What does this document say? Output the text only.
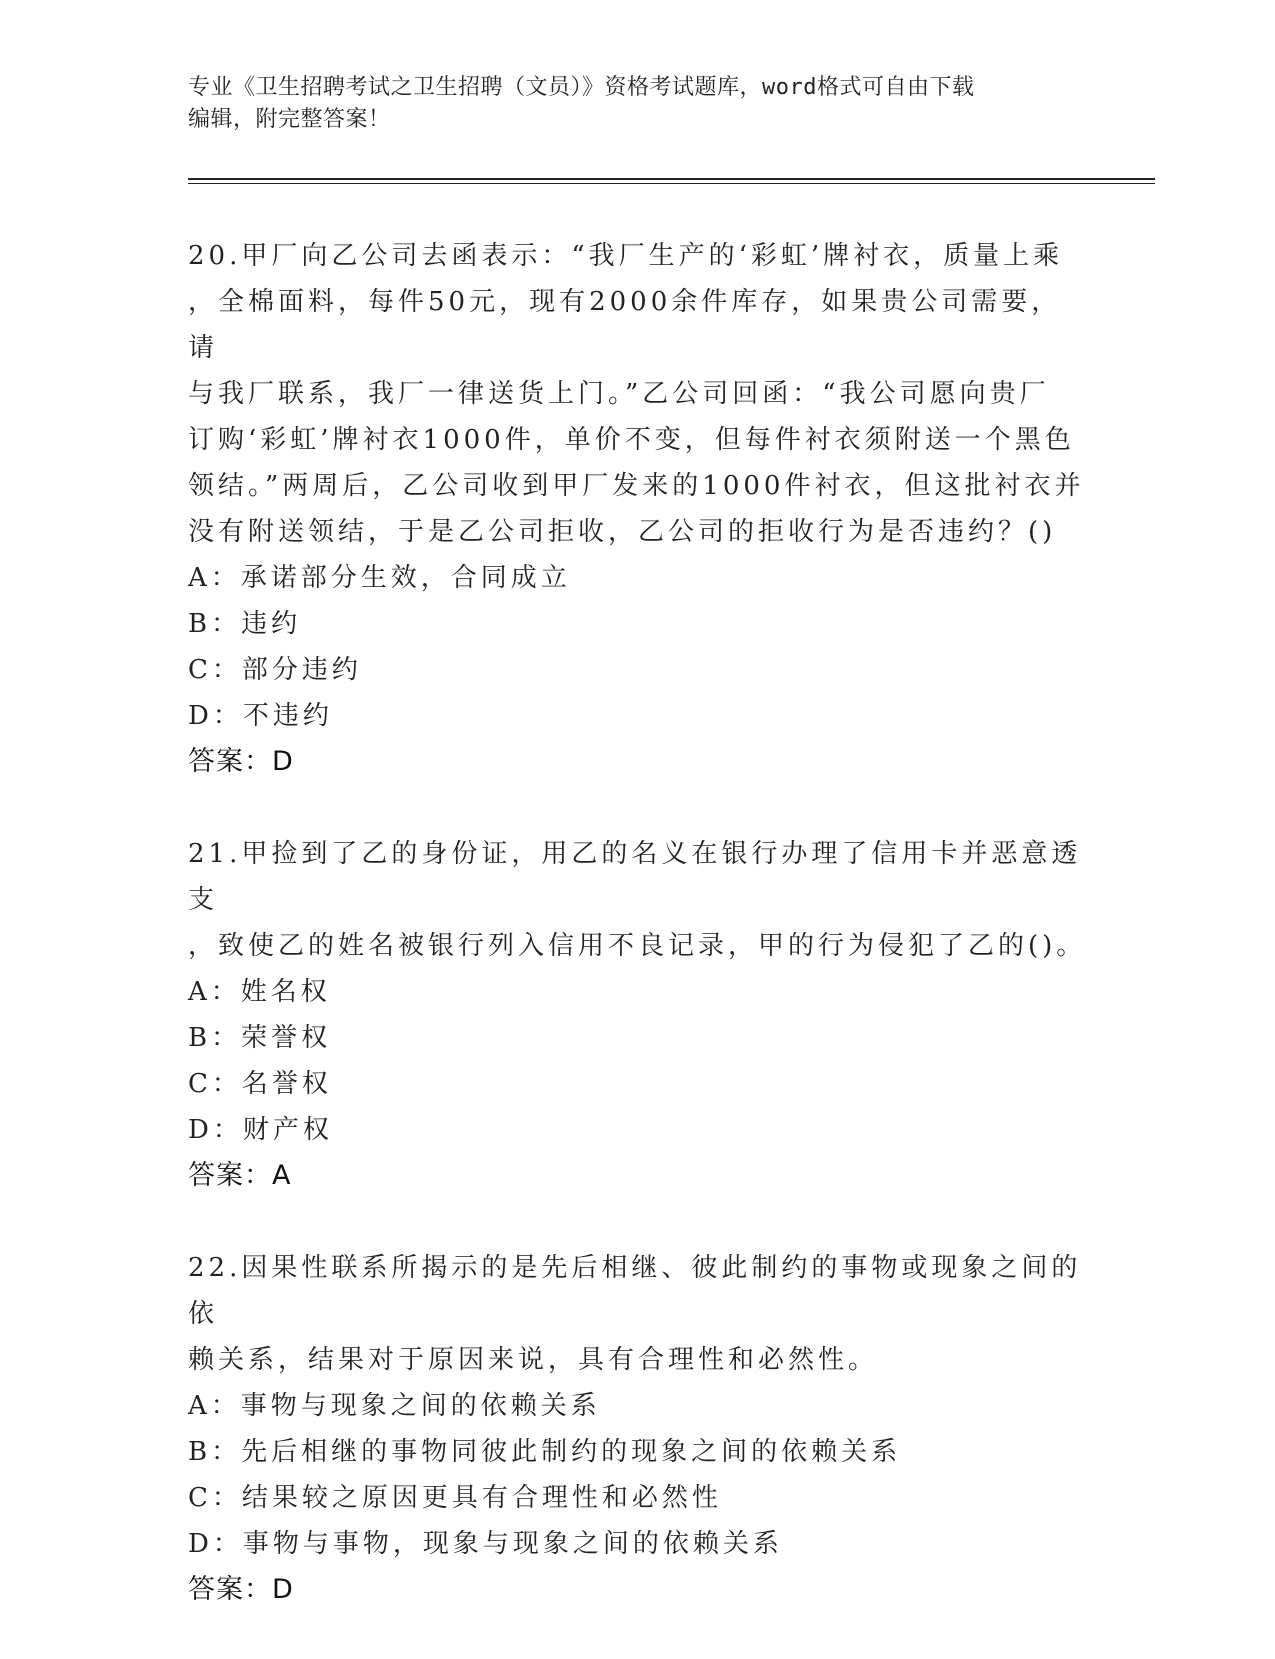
专业《卫生招聘考试之卫生招聘（文员）》资格考试题库，word格式可自由下载
编辑，附完整答案！
20.甲厂向乙公司去函表示：“我厂生产的‘彩虹’牌衬衣，质量上乘
，全棉面料，每件50元，现有2000余件库存，如果贵公司需要，请
与我厂联系，我厂一律送货上门。”乙公司回函：“我公司愿向贵厂
订购‘彩虹’牌衬衣1000件，单价不变，但每件衬衣须附送一个黑色
领结。”两周后，乙公司收到甲厂发来的1000件衬衣，但这批衬衣并
没有附送领结，于是乙公司拒收，乙公司的拒收行为是否违约？()
A：承诺部分生效，合同成立
B：违约
C：部分违约
D：不违约
答案：D
21.甲捡到了乙的身份证，用乙的名义在银行办理了信用卡并恶意透支
，致使乙的姓名被银行列入信用不良记录，甲的行为侵犯了乙的()。
A：姓名权
B：荣誉权
C：名誉权
D：财产权
答案：A
22.因果性联系所揭示的是先后相继、彼此制约的事物或现象之间的依
赖关系，结果对于原因来说，具有合理性和必然性。
A：事物与现象之间的依赖关系
B：先后相继的事物同彼此制约的现象之间的依赖关系
C：结果较之原因更具有合理性和必然性
D：事物与事物，现象与现象之间的依赖关系
答案：D
